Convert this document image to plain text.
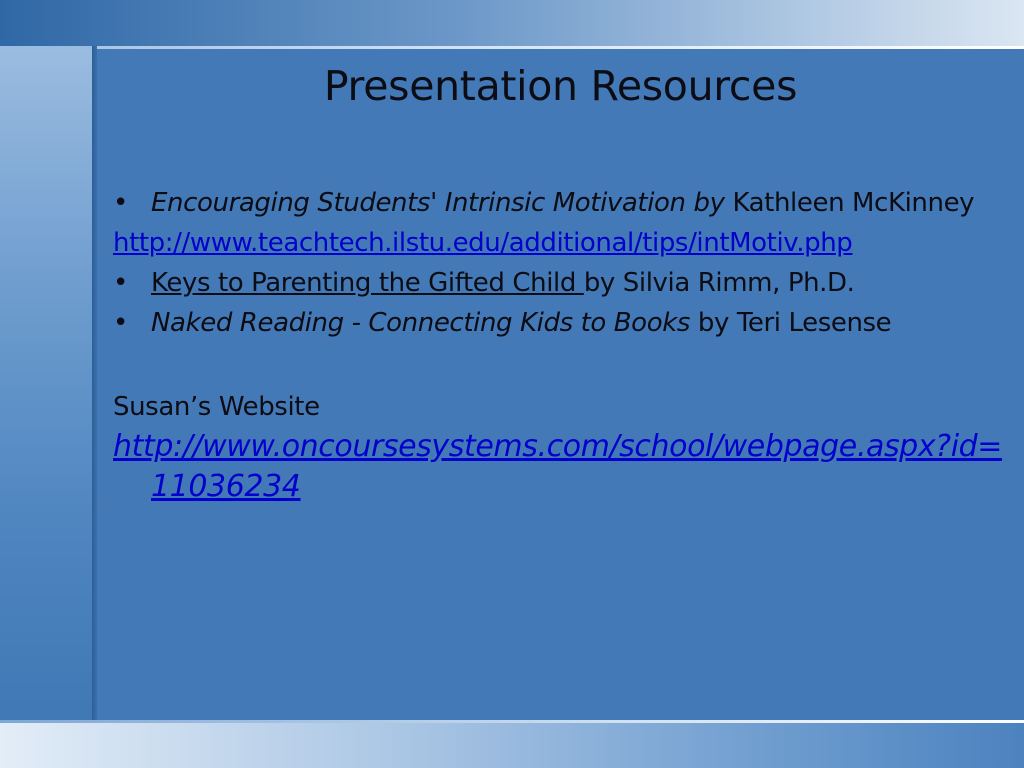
Presentation Resources
• Encouraging Students' Intrinsic Motivation by Kathleen McKinney
http://www.teachtech.ilstu.edu/additional/tips/intMotiv.php
• Keys to Parenting the Gifted Child by Silvia Rimm, Ph.D.
• Naked Reading - Connecting Kids to Books by Teri Lesense
Susan’s Website
http://www.oncoursesystems.com/school/webpage.aspx?id=11036234
